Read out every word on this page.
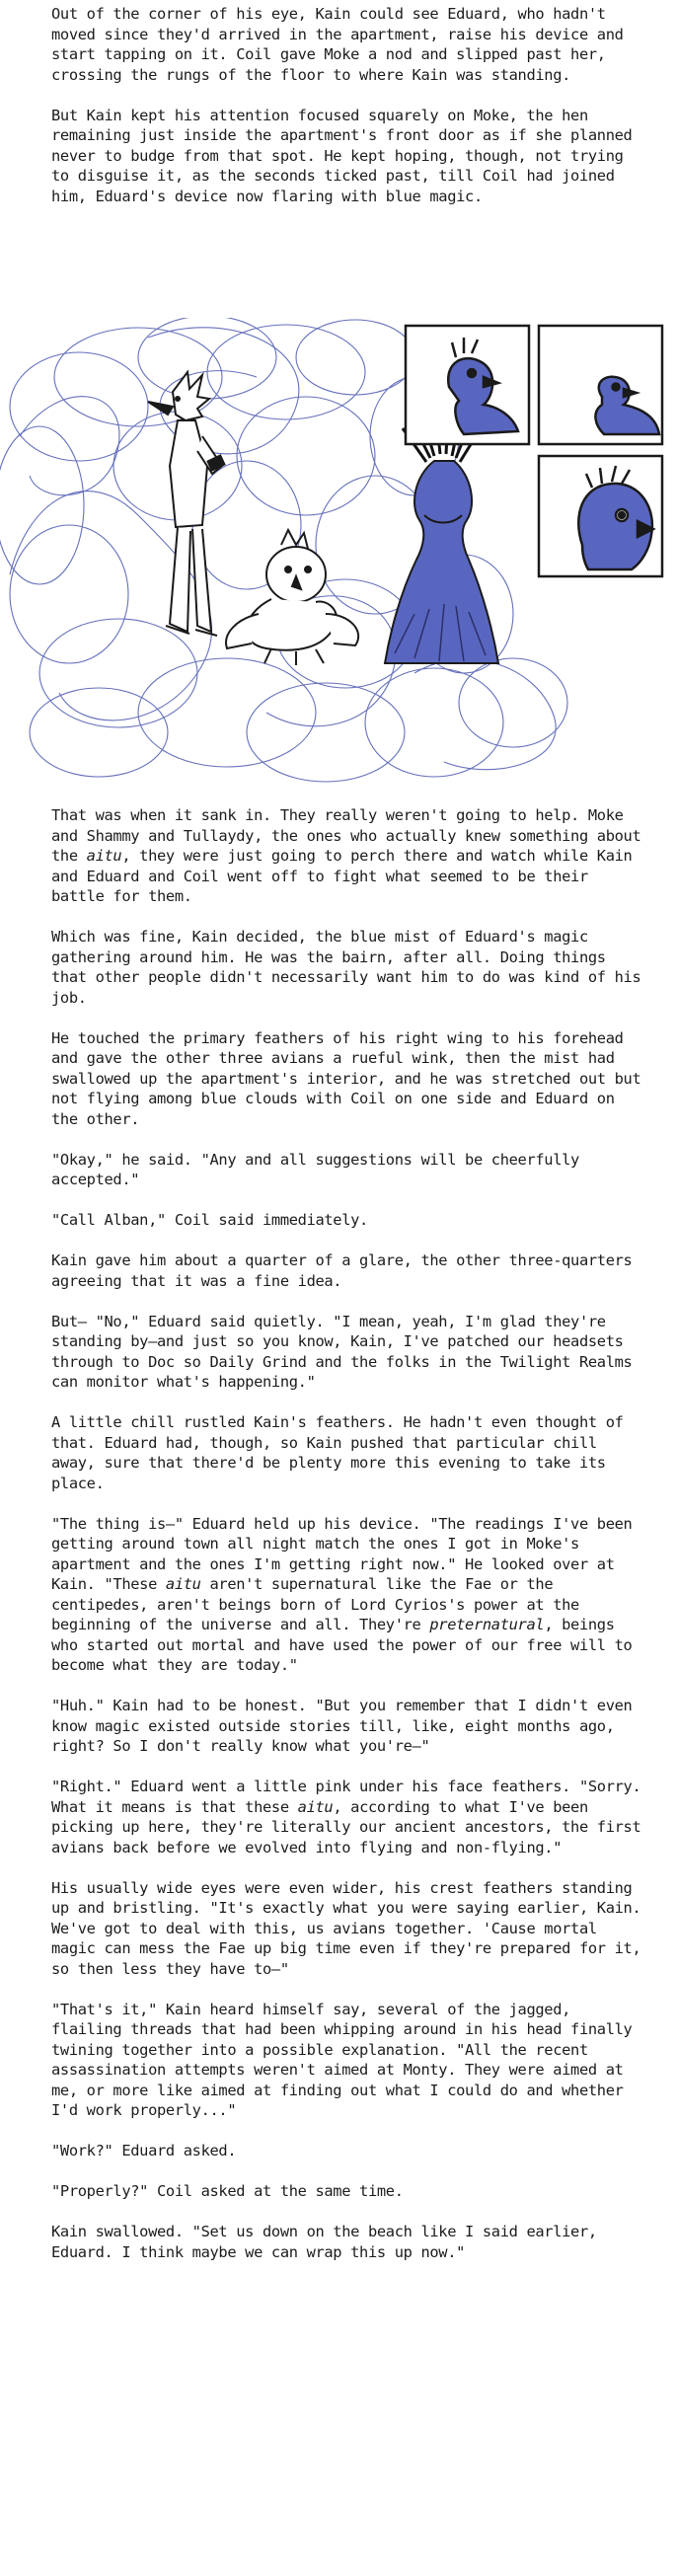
Out of the corner of his eye, Kain could see Eduard, who hadn't moved since they'd arrived in the apartment, raise his device and start tapping on it. Coil gave Moke a nod and slipped past her, crossing the rungs of the floor to where Kain was standing.

But Kain kept his attention focused squarely on Moke, the hen remaining just inside the apartment's front door as if she planned never to budge from that spot. He kept hoping, though, not trying to disguise it, as the seconds ticked past, till Coil had joined him, Eduard's device now flaring with blue magic.

That was when it sank in. They really weren't going to help. Moke and Shammy and Tullaydy, the ones who actually knew something about the aitu, they were just going to perch there and watch while Kain and Eduard and Coil went off to fight what seemed to be their battle for them.

Which was fine, Kain decided, the blue mist of Eduard's magic gathering around him. He was the bairn, after all. Doing things that other people didn't necessarily want him to do was kind of his job.

He touched the primary feathers of his right wing to his forehead and gave the other three avians a rueful wink, then the mist had swallowed up the apartment's interior, and he was stretched out but not flying among blue clouds with Coil on one side and Eduard on the other.

"Okay," he said. "Any and all suggestions will be cheerfully accepted."

"Call Alban," Coil said immediately.

Kain gave him about a quarter of a glare, the other three-quarters agreeing that it was a fine idea.

But— "No," Eduard said quietly. "I mean, yeah, I'm glad they're standing by—and just so you know, Kain, I've patched our headsets through to Doc so Daily Grind and the folks in the Twilight Realms can monitor what's happening."

A little chill rustled Kain's feathers. He hadn't even thought of that. Eduard had, though, so Kain pushed that particular chill away, sure that there'd be plenty more this evening to take its place.

"The thing is—" Eduard held up his device. "The readings I've been getting around town all night match the ones I got in Moke's apartment and the ones I'm getting right now." He looked over at Kain. "These aitu aren't supernatural like the Fae or the centipedes, aren't beings born of Lord Cyrios's power at the beginning of the universe and all. They're preternatural, beings who started out mortal and have used the power of our free will to become what they are today."

"Huh." Kain had to be honest. "But you remember that I didn't even know magic existed outside stories till, like, eight months ago, right? So I don't really know what you're—"

"Right." Eduard went a little pink under his face feathers. "Sorry. What it means is that these aitu, according to what I've been picking up here, they're literally our ancient ancestors, the first avians back before we evolved into flying and non-flying."

His usually wide eyes were even wider, his crest feathers standing up and bristling. "It's exactly what you were saying earlier, Kain. We've got to deal with this, us avians together. 'Cause mortal magic can mess the Fae up big time even if they're prepared for it, so then less they have to—"

"That's it," Kain heard himself say, several of the jagged, flailing threads that had been whipping around in his head finally twining together into a possible explanation. "All the recent assassination attempts weren't aimed at Monty. They were aimed at me, or more like aimed at finding out what I could do and whether I'd work properly..."

"Work?" Eduard asked.

"Properly?" Coil asked at the same time.

Kain swallowed. "Set us down on the beach like I said earlier, Eduard. I think maybe we can wrap this up now."
